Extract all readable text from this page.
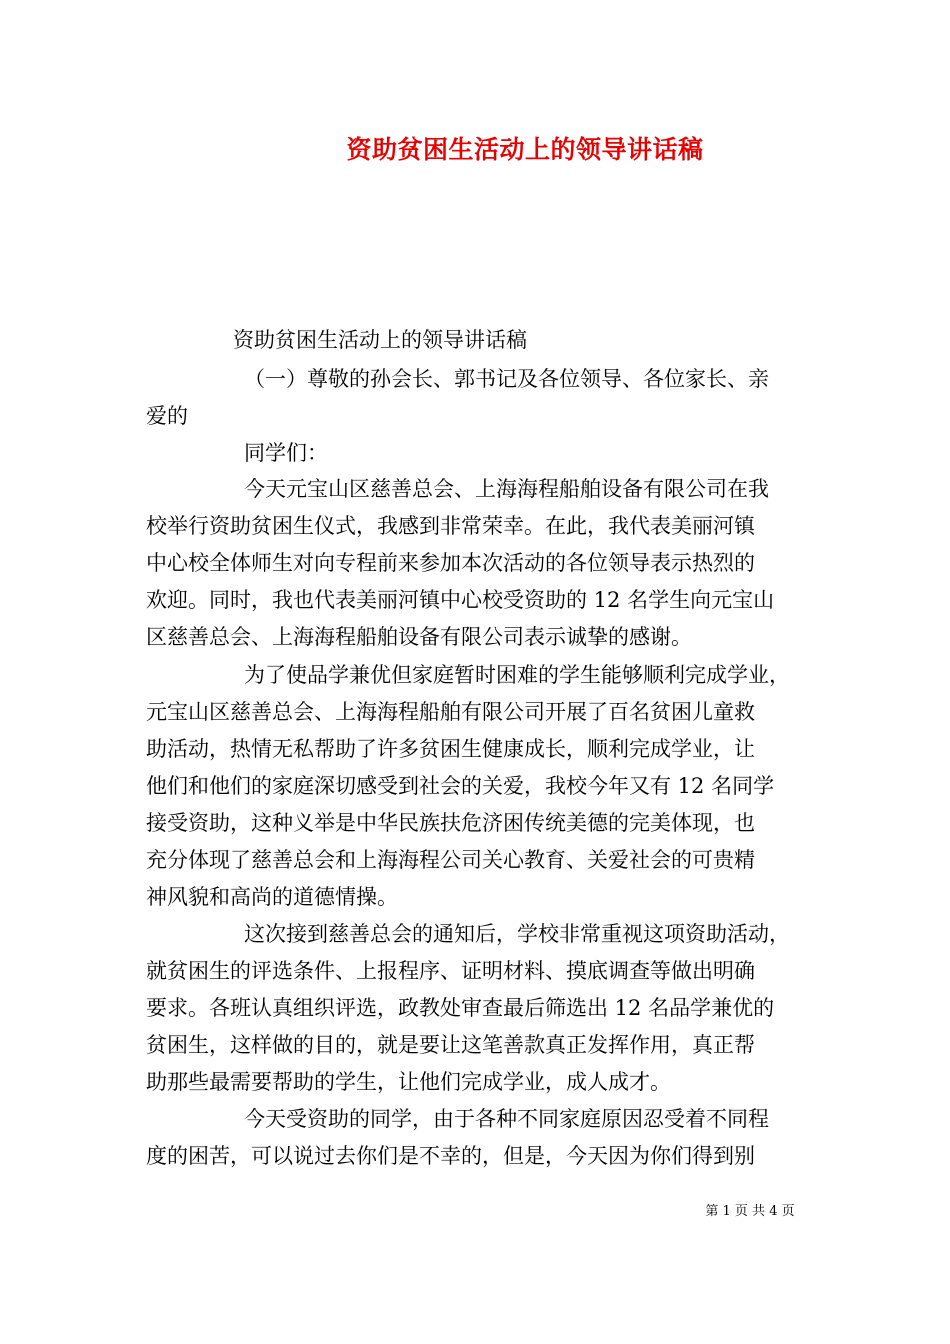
资助贫困生活动上的领导讲话稿
资助贫困生活动上的领导讲话稿
（一）尊敬的孙会长、郭书记及各位领导、各位家长、亲
爱的
同学们：
今天元宝山区慈善总会、上海海程船舶设备有限公司在我
校举行资助贫困生仪式，我感到非常荣幸。在此，我代表美丽河镇
中心校全体师生对向专程前来参加本次活动的各位领导表示热烈的
欢迎。同时，我也代表美丽河镇中心校受资助的 12 名学生向元宝山
区慈善总会、上海海程船舶设备有限公司表示诚挚的感谢。
为了使品学兼优但家庭暂时困难的学生能够顺利完成学业，
元宝山区慈善总会、上海海程船舶有限公司开展了百名贫困儿童救
助活动，热情无私帮助了许多贫困生健康成长，顺利完成学业，让
他们和他们的家庭深切感受到社会的关爱，我校今年又有 12 名同学
接受资助，这种义举是中华民族扶危济困传统美德的完美体现，也
充分体现了慈善总会和上海海程公司关心教育、关爱社会的可贵精
神风貌和高尚的道德情操。
这次接到慈善总会的通知后，学校非常重视这项资助活动，
就贫困生的评选条件、上报程序、证明材料、摸底调查等做出明确
要求。各班认真组织评选，政教处审查最后筛选出 12 名品学兼优的
贫困生，这样做的目的，就是要让这笔善款真正发挥作用，真正帮
助那些最需要帮助的学生，让他们完成学业，成人成才。
今天受资助的同学，由于各种不同家庭原因忍受着不同程
度的困苦，可以说过去你们是不幸的，但是，今天因为你们得到别
第 1 页 共 4 页
